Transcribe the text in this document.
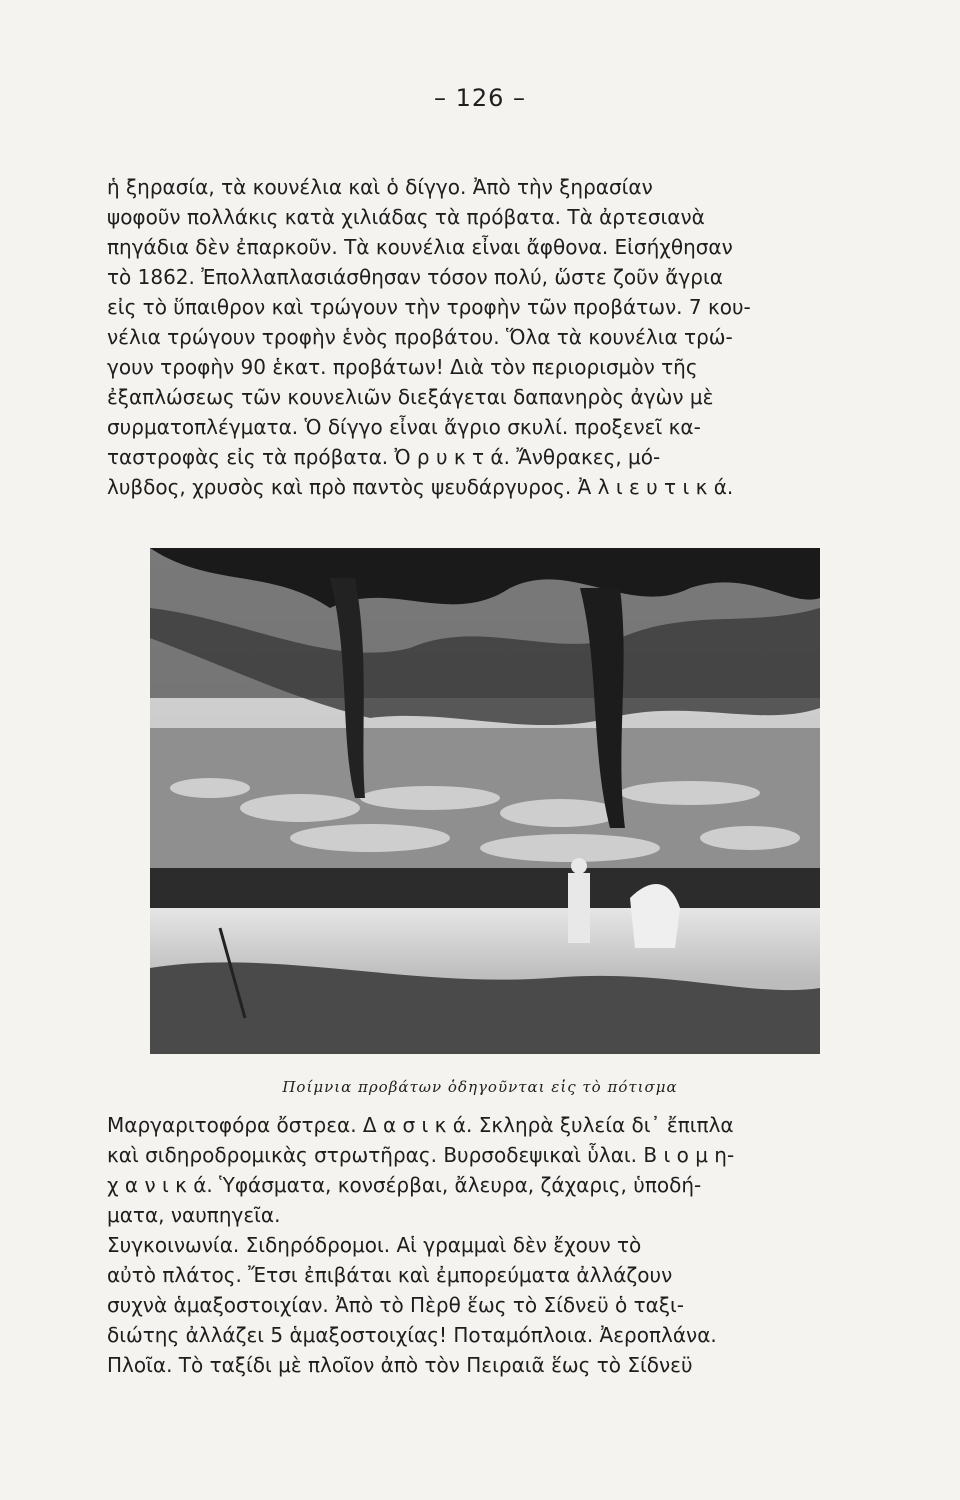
– 126 –
ἡ ξηρασία, τὰ κουνέλια καὶ ὁ δίγγο. Ἀπὸ τὴν ξηρασίαν
ψοφοῦν πολλάκις κατὰ χιλιάδας τὰ πρόβατα. Τὰ ἀρτεσιανὰ
πηγάδια δὲν ἐπαρκοῦν. Τὰ κουνέλια εἶναι ἄφθονα. Εἰσήχθησαν
τὸ 1862. Ἐπολλαπλασιάσθησαν τόσον πολύ, ὥστε ζοῦν ἄγρια
εἰς τὸ ὕπαιθρον καὶ τρώγουν τὴν τροφὴν τῶν προβάτων. 7 κου-
νέλια τρώγουν τροφὴν ἑνὸς προβάτου. Ὅλα τὰ κουνέλια τρώ-
γουν τροφὴν 90 ἑκατ. προβάτων! Διὰ τὸν περιορισμὸν τῆς
ἐξαπλώσεως τῶν κουνελιῶν διεξάγεται δαπανηρὸς ἀγὼν μὲ
συρματοπλέγματα. Ὁ δίγγο εἶναι ἄγριο σκυλί. προξενεῖ κα-
ταστροφὰς εἰς τὰ πρόβατα. Ὀ ρ υ κ τ ά. Ἄνθρακες, μό-
λυβδος, χρυσὸς καὶ πρὸ παντὸς ψευδάργυρος. Ἀ λ ι ε υ τ ι κ ά.
Ποίμνια προβάτων ὁδηγοῦνται εἰς τὸ πότισμα
Μαργαριτοφόρα ὄστρεα. Δ α σ ι κ ά. Σκληρὰ ξυλεία δι᾿ ἔπιπλα
καὶ σιδηροδρομικὰς στρωτῆρας. Βυρσοδεψικαὶ ὗλαι. Β ι ο μ η-
χ α ν ι κ ά. Ὑφάσματα, κονσέρβαι, ἄλευρα, ζάχαρις, ὑποδή-
ματα, ναυπηγεῖα.
Συγκοινωνία. Σιδηρόδρομοι. Αἱ γραμμαὶ δὲν ἔχουν τὸ
αὐτὸ πλάτος. Ἔτσι ἐπιβάται καὶ ἐμπορεύματα ἀλλάζουν
συχνὰ ἁμαξοστοιχίαν. Ἀπὸ τὸ Πὲρθ ἕως τὸ Σίδνεϋ ὁ ταξι-
διώτης ἀλλάζει 5 ἁμαξοστοιχίας! Ποταμόπλοια. Ἀεροπλάνα.
Πλοῖα. Τὸ ταξίδι μὲ πλοῖον ἀπὸ τὸν Πειραιᾶ ἕως τὸ Σίδνεϋ
